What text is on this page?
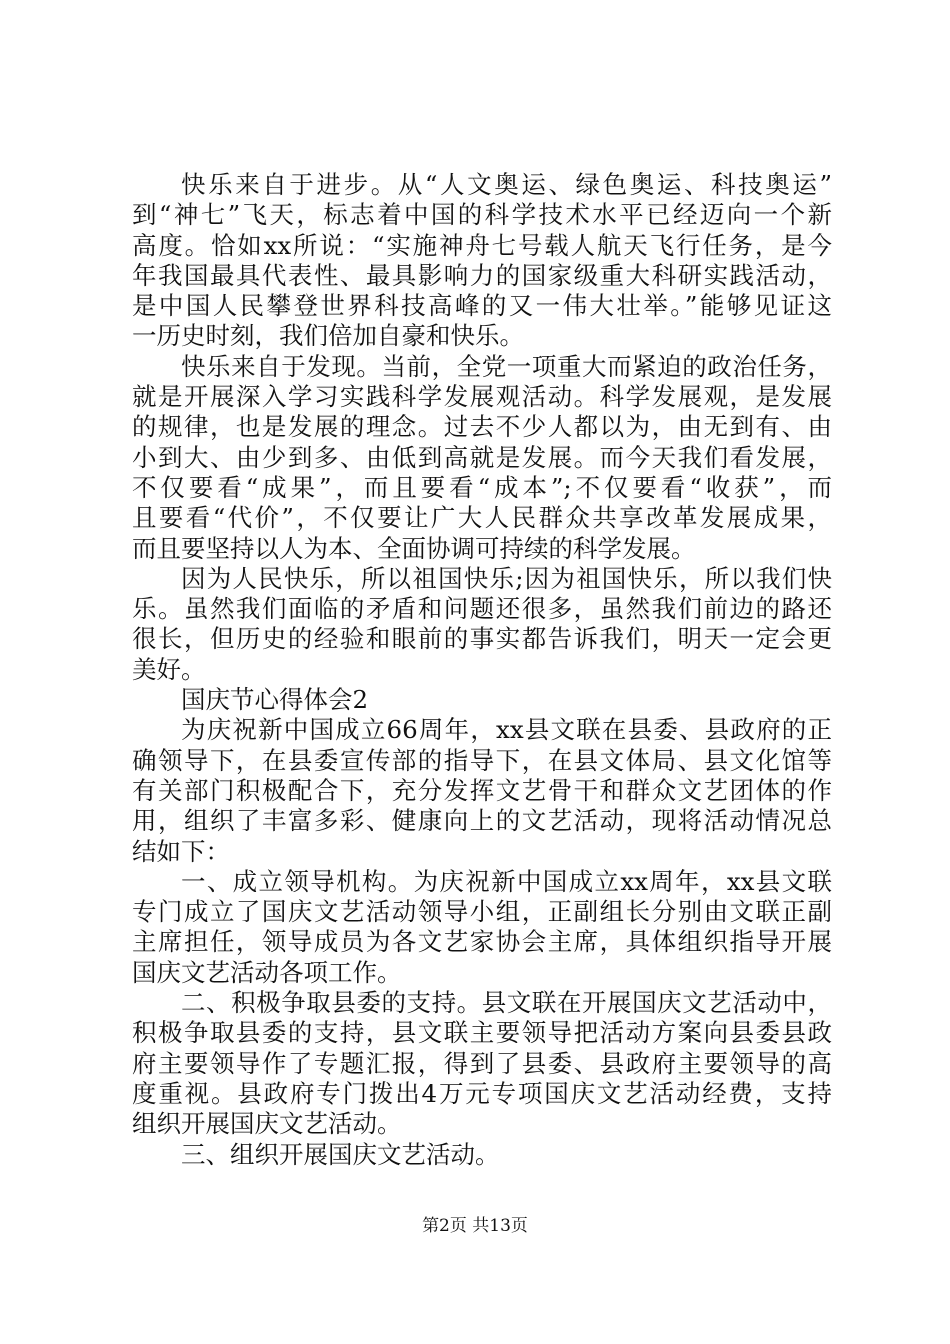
快乐来自于进步。从“人文奥运、绿色奥运、科技奥运”
到“神七”飞天，标志着中国的科学技术水平已经迈向一个新
高度。恰如xx所说：“实施神舟七号载人航天飞行任务，是今
年我国最具代表性、最具影响力的国家级重大科研实践活动，
是中国人民攀登世界科技高峰的又一伟大壮举。”能够见证这
一历史时刻，我们倍加自豪和快乐。
快乐来自于发现。当前，全党一项重大而紧迫的政治任务，
就是开展深入学习实践科学发展观活动。科学发展观，是发展
的规律，也是发展的理念。过去不少人都以为，由无到有、由
小到大、由少到多、由低到高就是发展。而今天我们看发展，
不仅要看“成果”，而且要看“成本”;不仅要看“收获”，而
且要看“代价”，不仅要让广大人民群众共享改革发展成果，
而且要坚持以人为本、全面协调可持续的科学发展。
因为人民快乐，所以祖国快乐;因为祖国快乐，所以我们快
乐。虽然我们面临的矛盾和问题还很多，虽然我们前边的路还
很长，但历史的经验和眼前的事实都告诉我们，明天一定会更
美好。
国庆节心得体会2
为庆祝新中国成立66周年，xx县文联在县委、县政府的正
确领导下，在县委宣传部的指导下，在县文体局、县文化馆等
有关部门积极配合下，充分发挥文艺骨干和群众文艺团体的作
用，组织了丰富多彩、健康向上的文艺活动，现将活动情况总
结如下：
一、成立领导机构。为庆祝新中国成立xx周年，xx县文联
专门成立了国庆文艺活动领导小组，正副组长分别由文联正副
主席担任，领导成员为各文艺家协会主席，具体组织指导开展
国庆文艺活动各项工作。
二、积极争取县委的支持。县文联在开展国庆文艺活动中，
积极争取县委的支持，县文联主要领导把活动方案向县委县政
府主要领导作了专题汇报，得到了县委、县政府主要领导的高
度重视。县政府专门拨出4万元专项国庆文艺活动经费，支持
组织开展国庆文艺活动。
三、组织开展国庆文艺活动。
第2页 共13页
